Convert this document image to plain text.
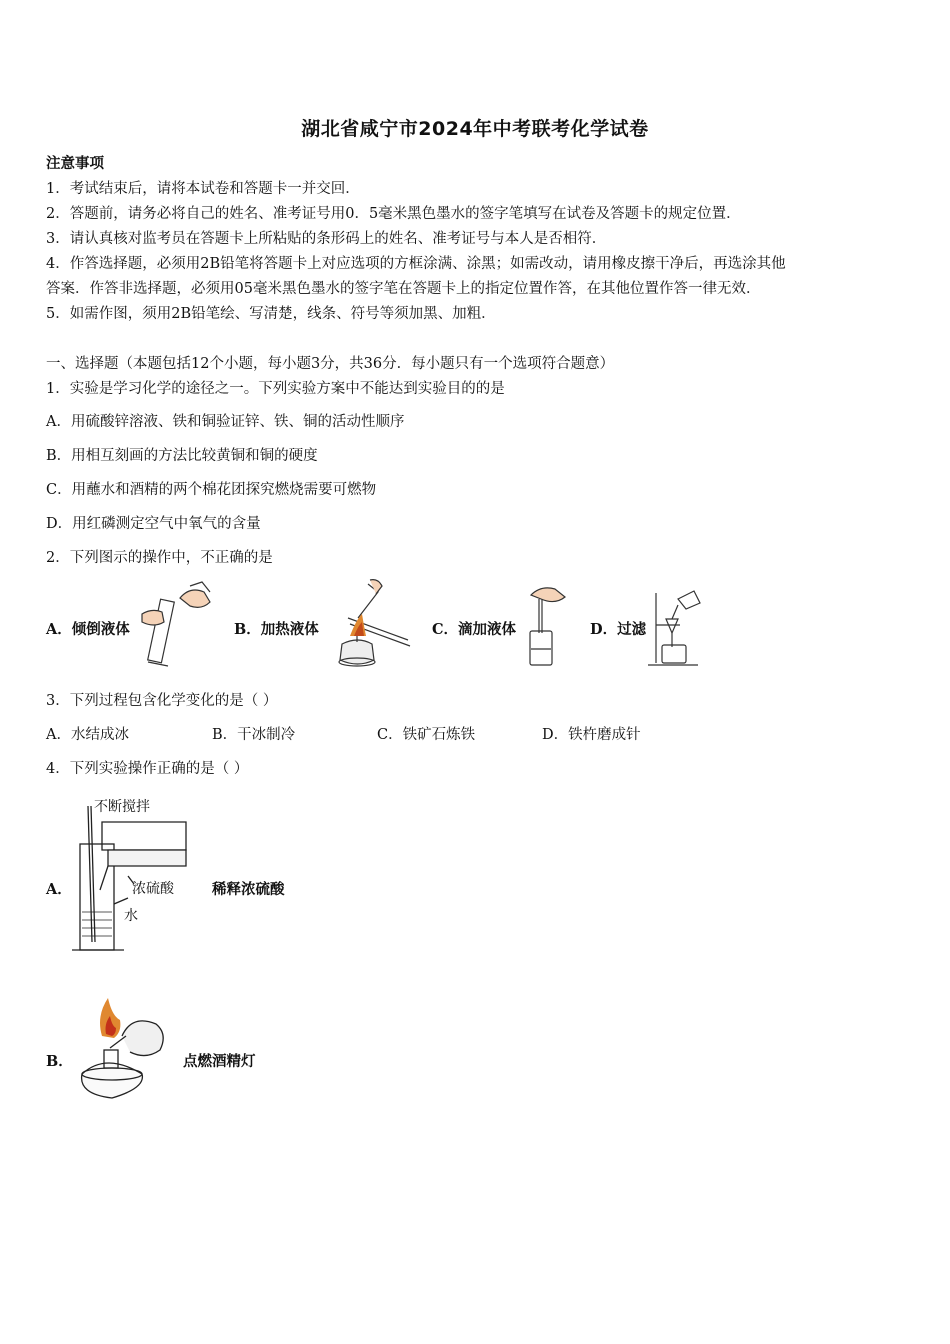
湖北省咸宁市2024年中考联考化学试卷
注意事项
1．考试结束后，请将本试卷和答题卡一并交回．
2．答题前，请务必将自己的姓名、准考证号用0．5毫米黑色墨水的签字笔填写在试卷及答题卡的规定位置．
3．请认真核对监考员在答题卡上所粘贴的条形码上的姓名、准考证号与本人是否相符．
4．作答选择题，必须用2B铅笔将答题卡上对应选项的方框涂满、涂黑；如需改动，请用橡皮擦干净后，再选涂其他
答案．作答非选择题，必须用05毫米黑色墨水的签字笔在答题卡上的指定位置作答，在其他位置作答一律无效．
5．如需作图，须用2B铅笔绘、写清楚，线条、符号等须加黑、加粗．
一、选择题（本题包括12个小题，每小题3分，共36分．每小题只有一个选项符合题意）
1．实验是学习化学的途径之一。下列实验方案中不能达到实验目的的是
A．用硫酸锌溶液、铁和铜验证锌、铁、铜的活动性顺序
B．用相互刻画的方法比较黄铜和铜的硬度
C．用蘸水和酒精的两个棉花团探究燃烧需要可燃物
D．用红磷测定空气中氧气的含量
2．下列图示的操作中，不正确的是
A．倾倒液体	B．加热液体	C．滴加液体	D．过滤
3．下列过程包含化学变化的是（ ）
A．水结成冰	B．干冰制冷	C．铁矿石炼铁	D．铁杵磨成针
4．下列实验操作正确的是（ ）
A．
不断搅拌
浓硫酸
水
稀释浓硫酸
B．	点燃酒精灯
